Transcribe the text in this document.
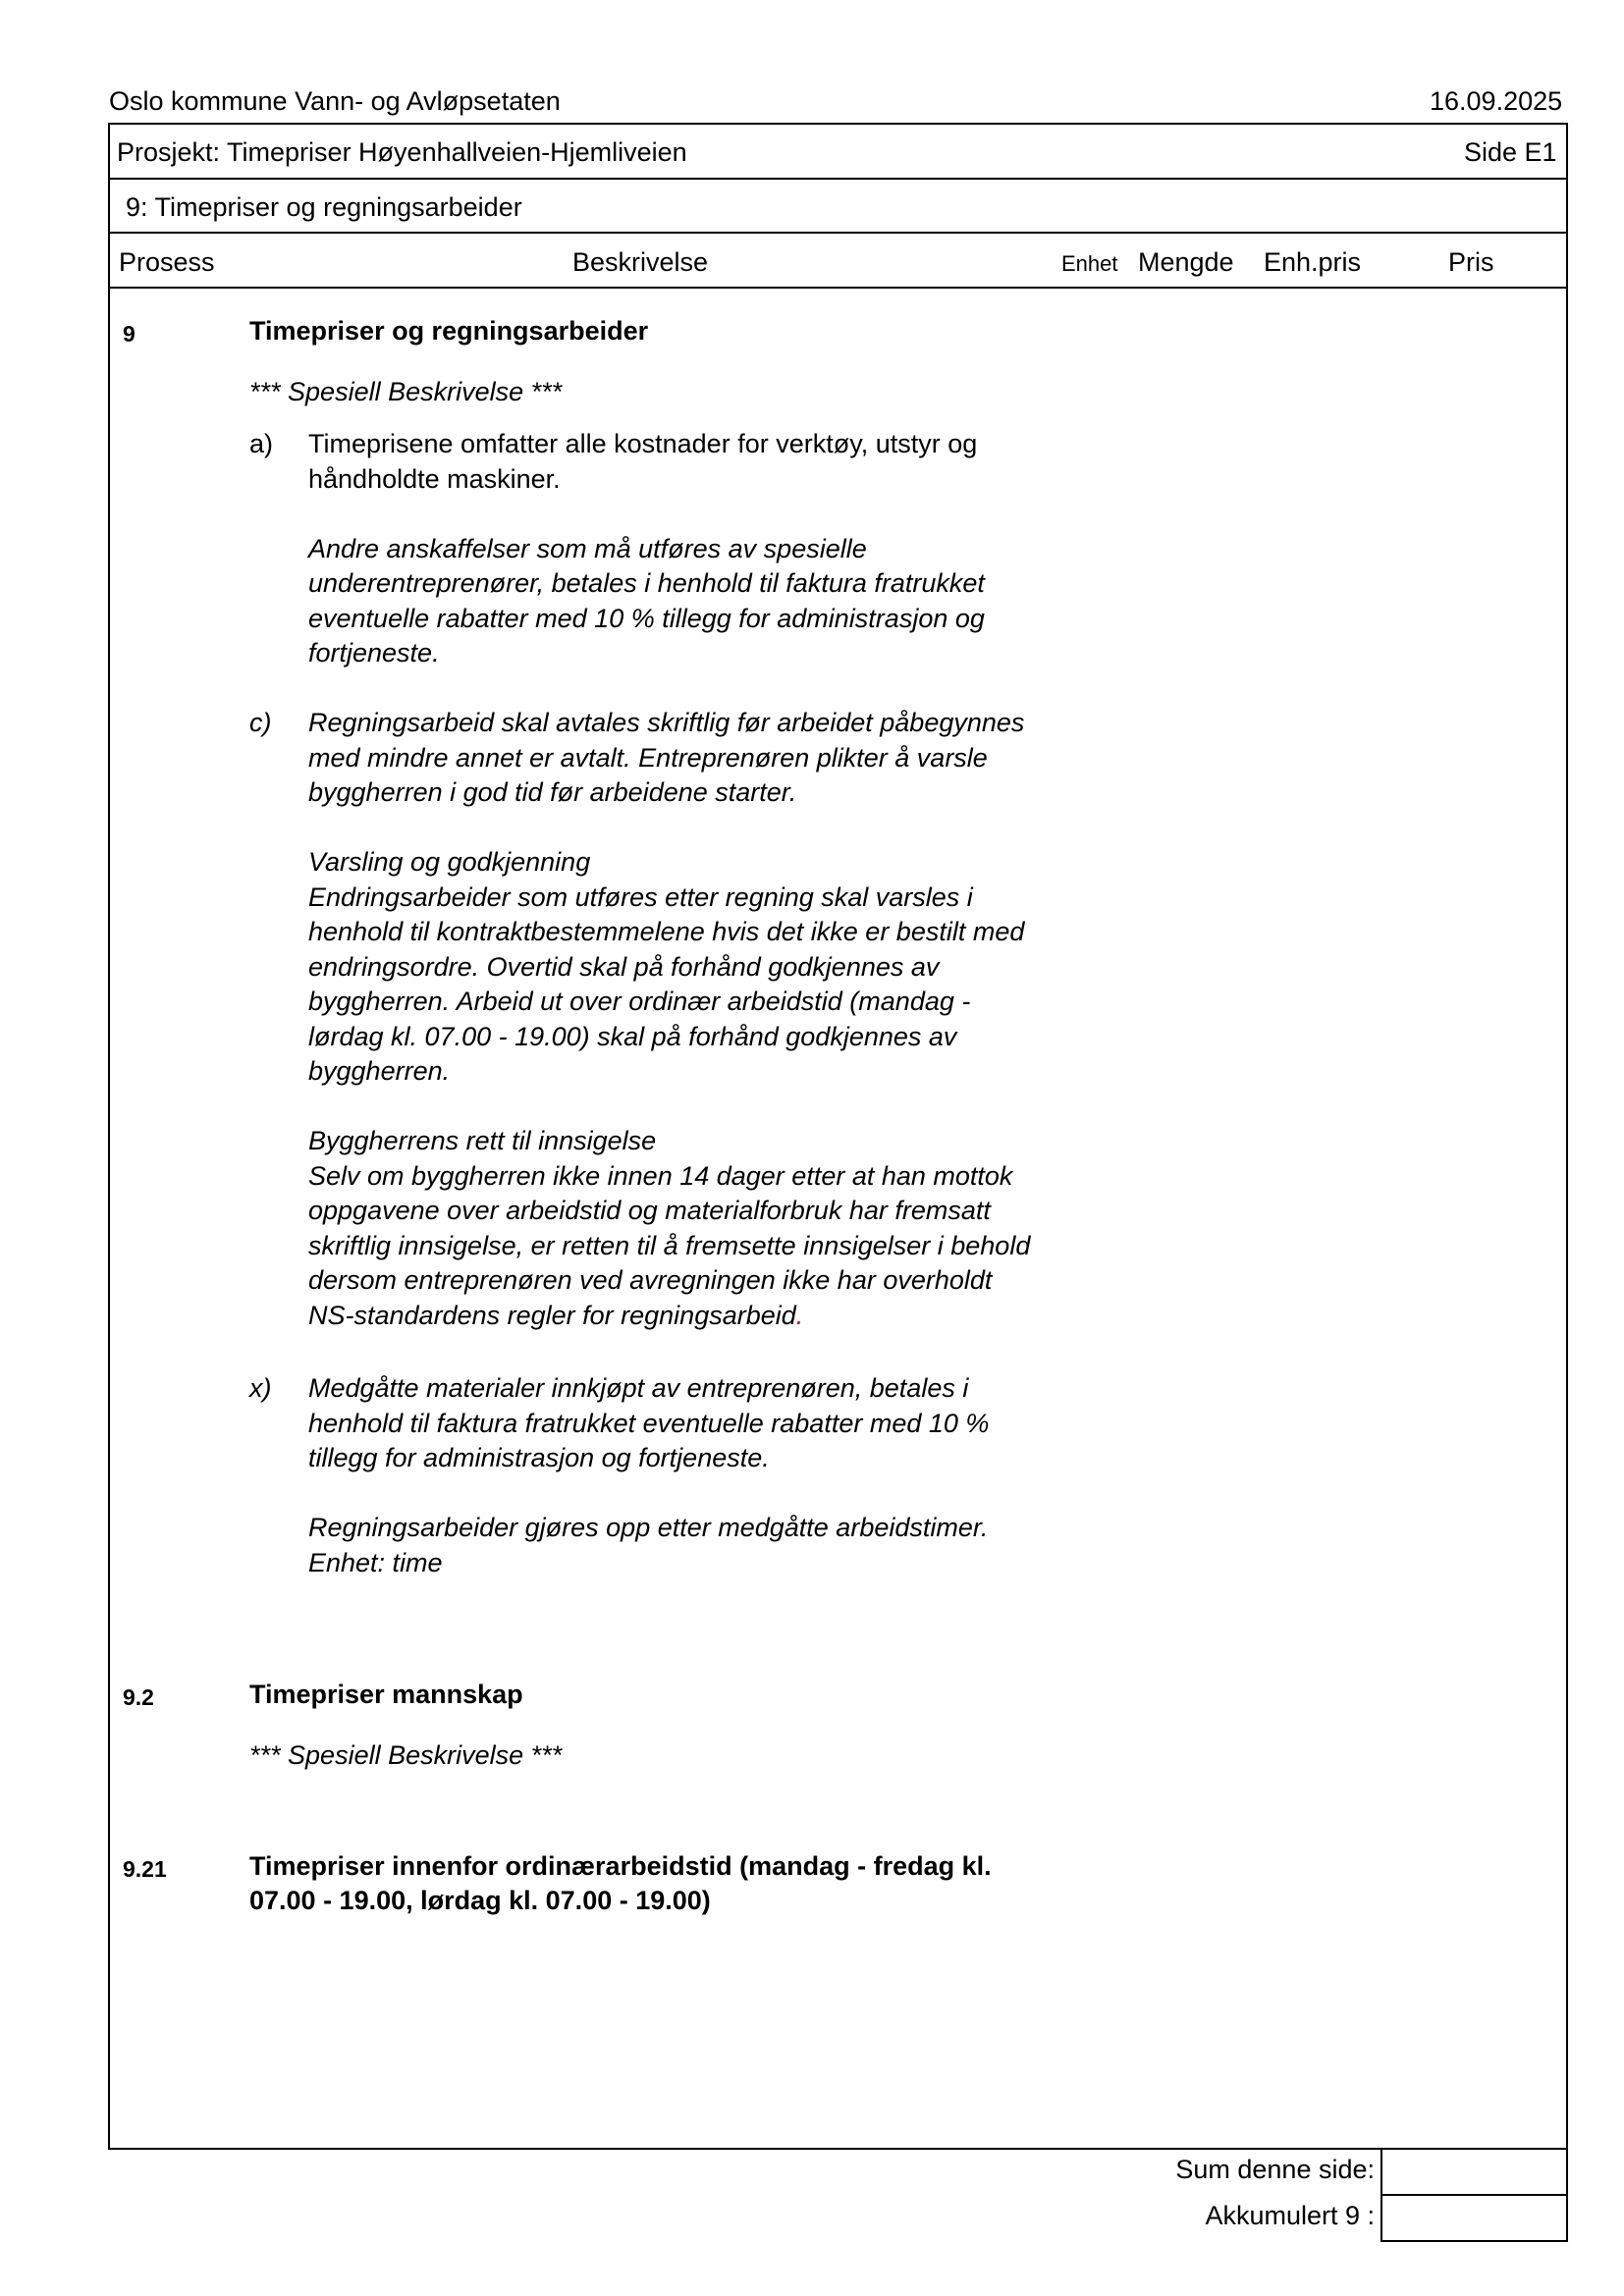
Oslo kommune Vann- og Avløpsetaten	16.09.2025
Prosjekt: Timepriser Høyenhallveien-Hjemliveien	Side E1
9: Timepriser og regningsarbeider
Prosess	Beskrivelse	Enhet Mengde Enh.pris	Pris
9	Timepriser og regningsarbeider
*** Spesiell Beskrivelse ***
a) Timeprisene omfatter alle kostnader for verktøy, utstyr og håndholdte maskiner.

Andre anskaffelser som må utføres av spesielle underentreprenører, betales i henhold til faktura fratrukket eventuelle rabatter med 10 % tillegg for administrasjon og fortjeneste.

c) Regningsarbeid skal avtales skriftlig før arbeidet påbegynnes med mindre annet er avtalt. Entreprenøren plikter å varsle byggherren i god tid før arbeidene starter.

Varsling og godkjenning

Endringsarbeider som utføres etter regning skal varsles i henhold til kontraktbestemmelene hvis det ikke er bestilt med endringsordre. Overtid skal på forhånd godkjennes av byggherren. Arbeid ut over ordinær arbeidstid (mandag - lørdag kl. 07.00 - 19.00) skal på forhånd godkjennes av byggherren.

Byggherrens rett til innsigelse

Selv om byggherren ikke innen 14 dager etter at han mottok oppgavene over arbeidstid og materialforbruk har fremsatt skriftlig innsigelse, er retten til å fremsette innsigelser i behold dersom entreprenøren ved avregningen ikke har overholdt NS-standardens regler for regningsarbeid.

x) Medgåtte materialer innkjøpt av entreprenøren, betales i henhold til faktura fratrukket eventuelle rabatter med 10 % tillegg for administrasjon og fortjeneste.

Regningsarbeider gjøres opp etter medgåtte arbeidstimer.

Enhet: time

9.2	Timepriser mannskap
*** Spesiell Beskrivelse ***
9.21	Timepriser innenfor ordinærarbeidstid (mandag - fredag kl.
07.00 - 19.00, lørdag kl. 07.00 - 19.00)
Sum denne side:
Akkumulert 9 :
